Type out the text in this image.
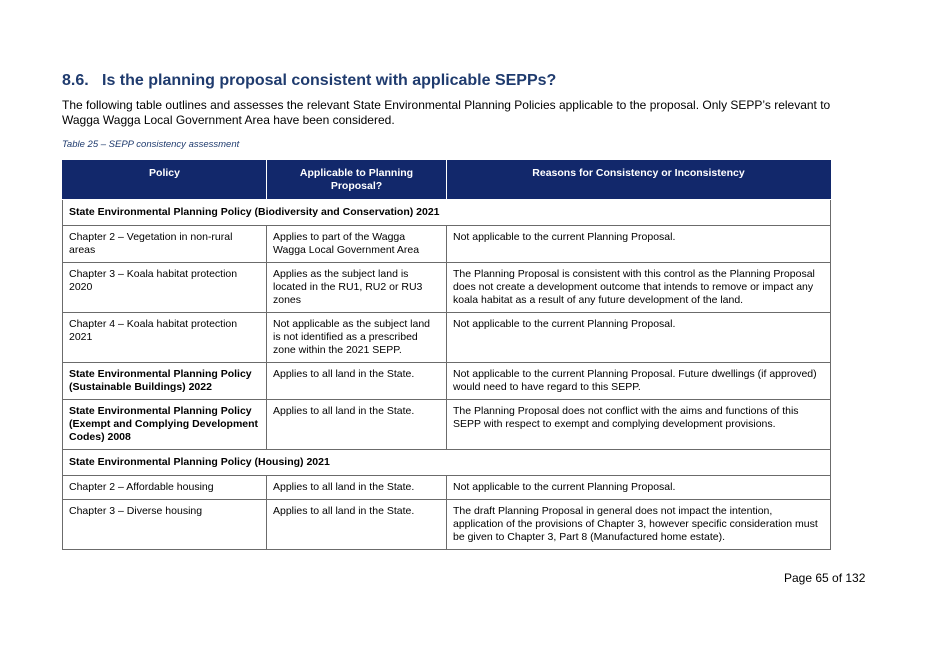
8.6. Is the planning proposal consistent with applicable SEPPs?
The following table outlines and assesses the relevant State Environmental Planning Policies applicable to the proposal. Only SEPP’s relevant to Wagga Wagga Local Government Area have been considered.
Table 25 – SEPP consistency assessment
Policy	Applicable to Planning Proposal?	Reasons for Consistency or Inconsistency
State Environmental Planning Policy (Biodiversity and Conservation) 2021		
Chapter 2 – Vegetation in non-rural areas	Applies to part of the Wagga Wagga Local Government Area	Not applicable to the current Planning Proposal.
Chapter 3 – Koala habitat protection 2020	Applies as the subject land is located in the RU1, RU2 or RU3 zones	The Planning Proposal is consistent with this control as the Planning Proposal does not create a development outcome that intends to remove or impact any koala habitat as a result of any future development of the land.
Chapter 4 – Koala habitat protection 2021	Not applicable as the subject land is not identified as a prescribed zone within the 2021 SEPP.	Not applicable to the current Planning Proposal.
State Environmental Planning Policy (Sustainable Buildings) 2022	Applies to all land in the State.	Not applicable to the current Planning Proposal. Future dwellings (if approved) would need to have regard to this SEPP.
State Environmental Planning Policy (Exempt and Complying Development Codes) 2008	Applies to all land in the State.	The Planning Proposal does not conflict with the aims and functions of this SEPP with respect to exempt and complying development provisions.
State Environmental Planning Policy (Housing) 2021		
Chapter 2 – Affordable housing	Applies to all land in the State.	Not applicable to the current Planning Proposal.
Chapter 3 – Diverse housing	Applies to all land in the State.	The draft Planning Proposal in general does not impact the intention, application of the provisions of Chapter 3, however specific consideration must be given to Chapter 3, Part 8 (Manufactured home estate).
Page 65 of 132
